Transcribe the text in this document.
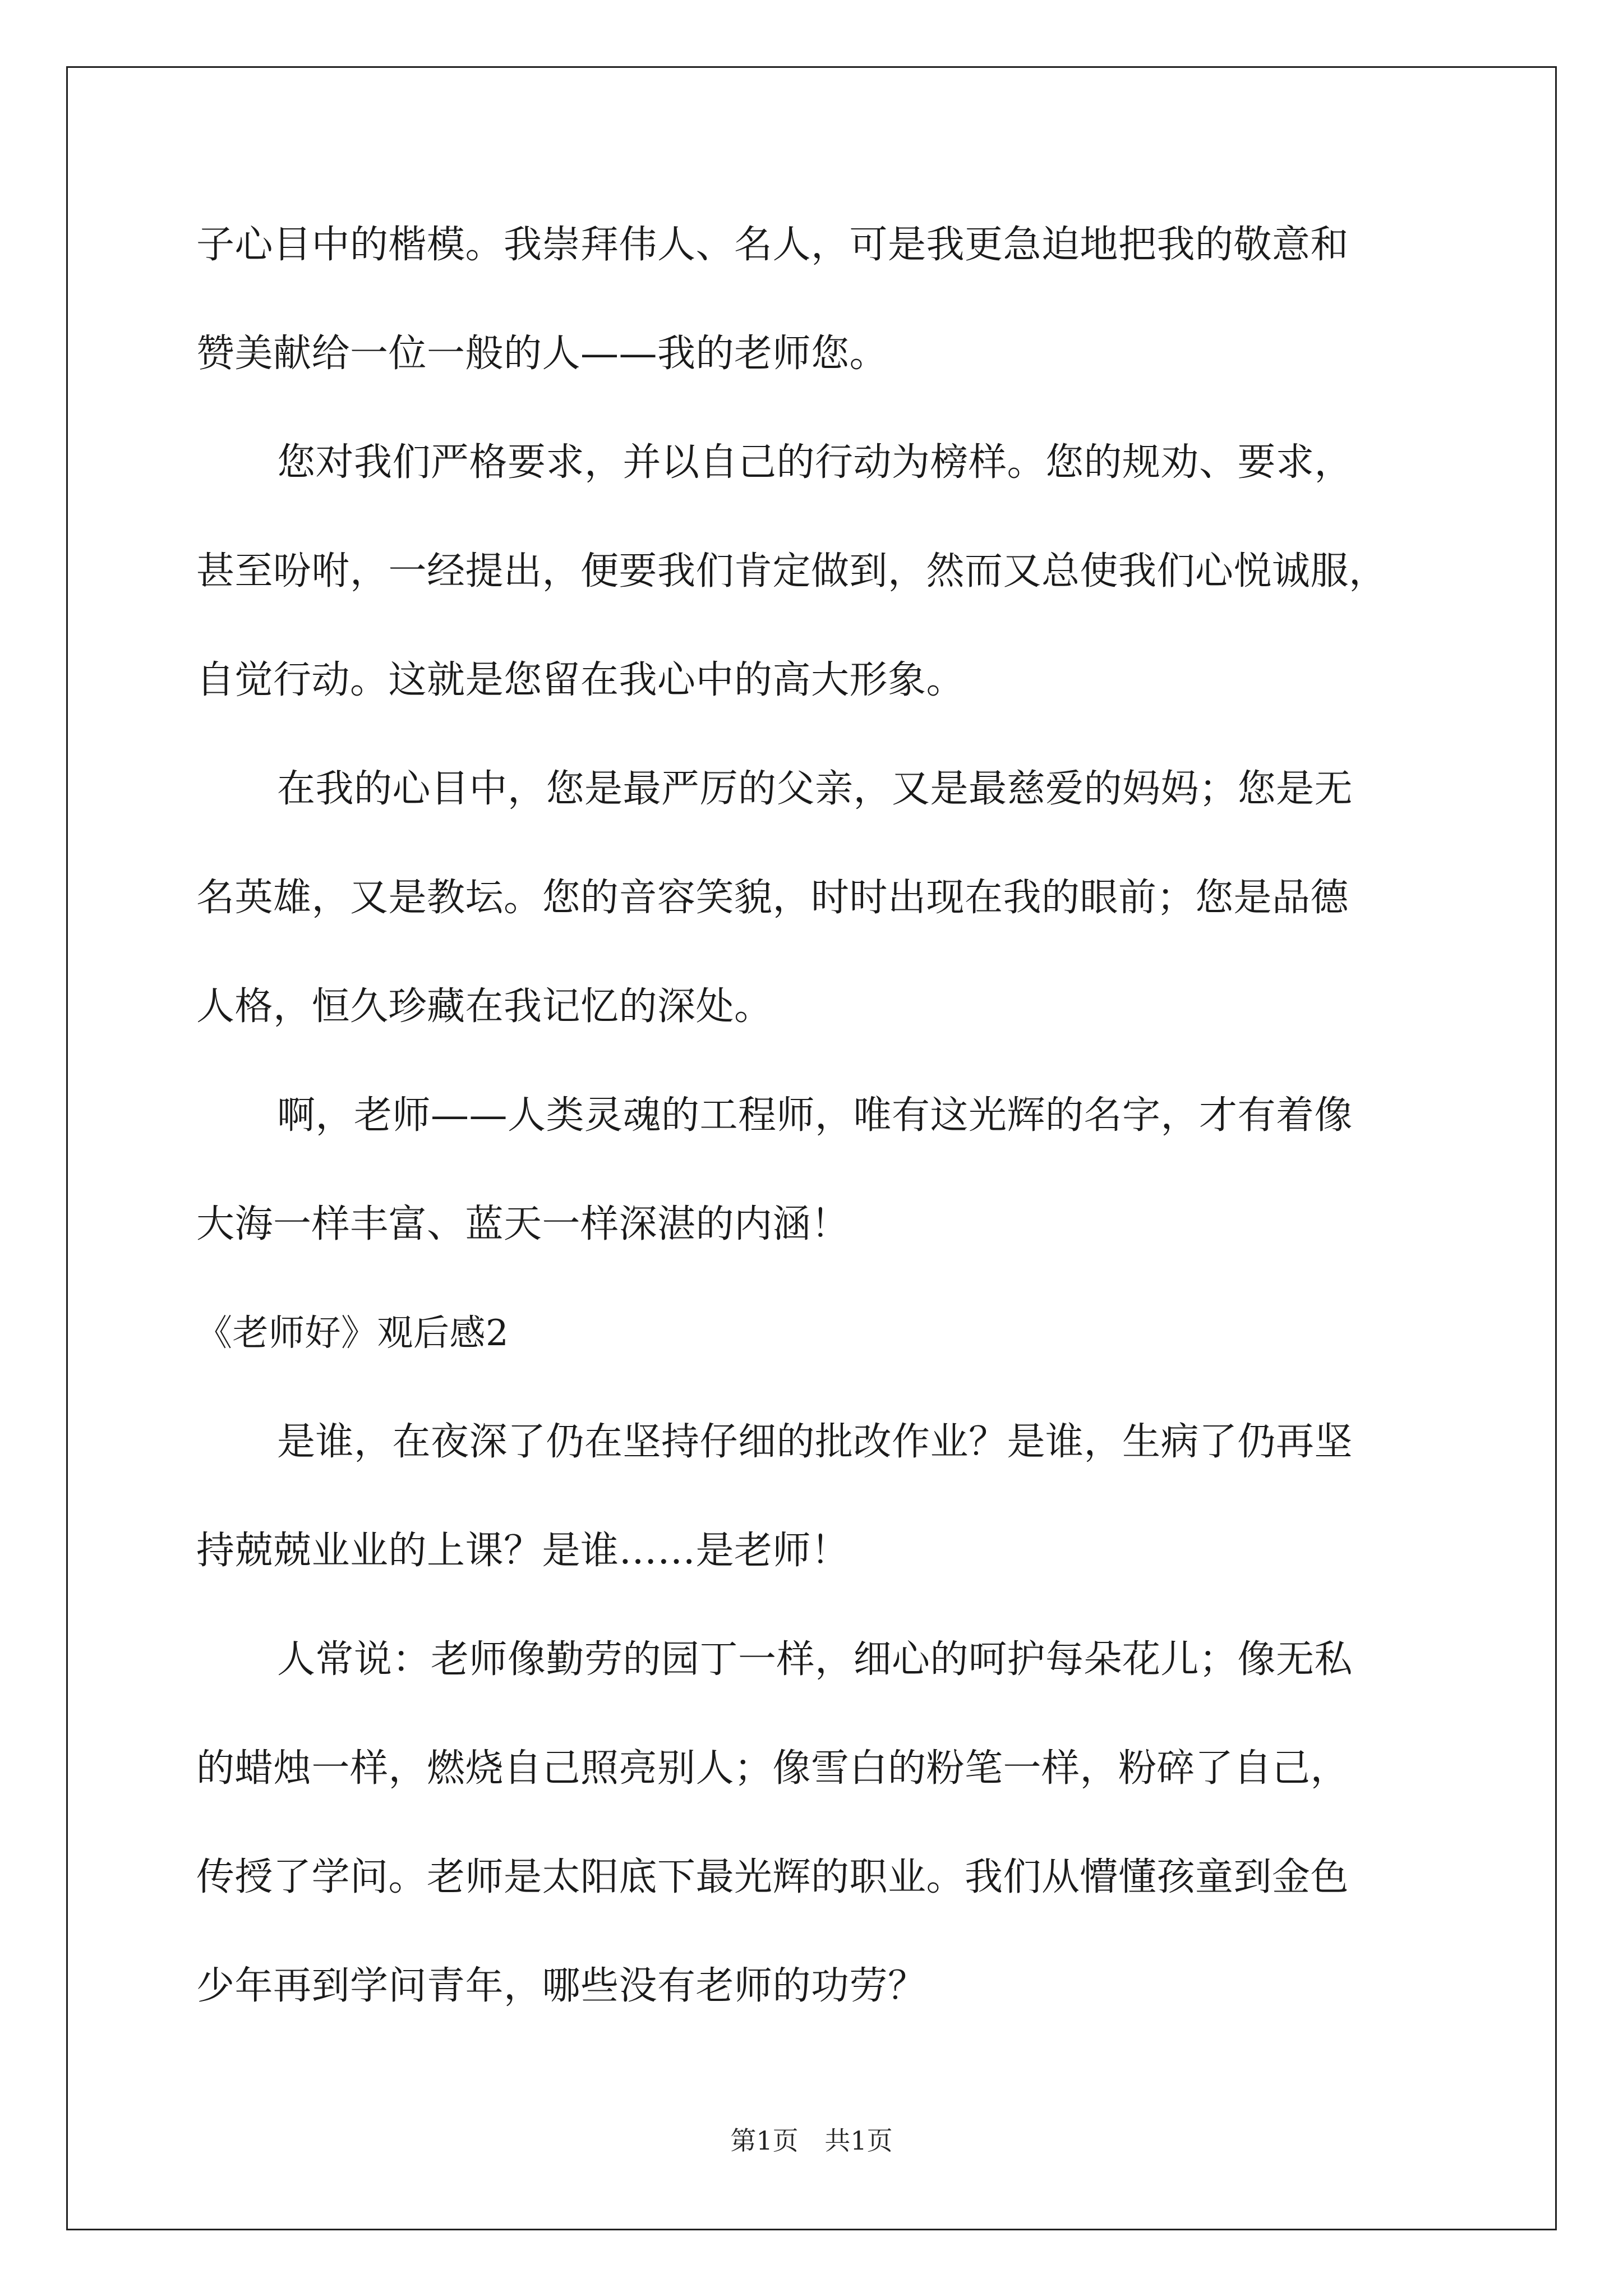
子心目中的楷模。我崇拜伟人、名人，可是我更急迫地把我的敬意和
赞美献给一位一般的人——我的老师您。
您对我们严格要求，并以自己的行动为榜样。您的规劝、要求，
甚至吩咐，一经提出，便要我们肯定做到，然而又总使我们心悦诚服，
自觉行动。这就是您留在我心中的高大形象。
在我的心目中，您是最严厉的父亲，又是最慈爱的妈妈；您是无
名英雄，又是教坛。您的音容笑貌，时时出现在我的眼前；您是品德
人格，恒久珍藏在我记忆的深处。
啊，老师——人类灵魂的工程师，唯有这光辉的名字，才有着像
大海一样丰富、蓝天一样深湛的内涵！
《老师好》观后感2
是谁，在夜深了仍在坚持仔细的批改作业？是谁，生病了仍再坚
持兢兢业业的上课？是谁……是老师！
人常说：老师像勤劳的园丁一样，细心的呵护每朵花儿；像无私
的蜡烛一样，燃烧自己照亮别人；像雪白的粉笔一样，粉碎了自己，
传授了学问。老师是太阳底下最光辉的职业。我们从懵懂孩童到金色
少年再到学问青年，哪些没有老师的功劳？
第1页 共1页
